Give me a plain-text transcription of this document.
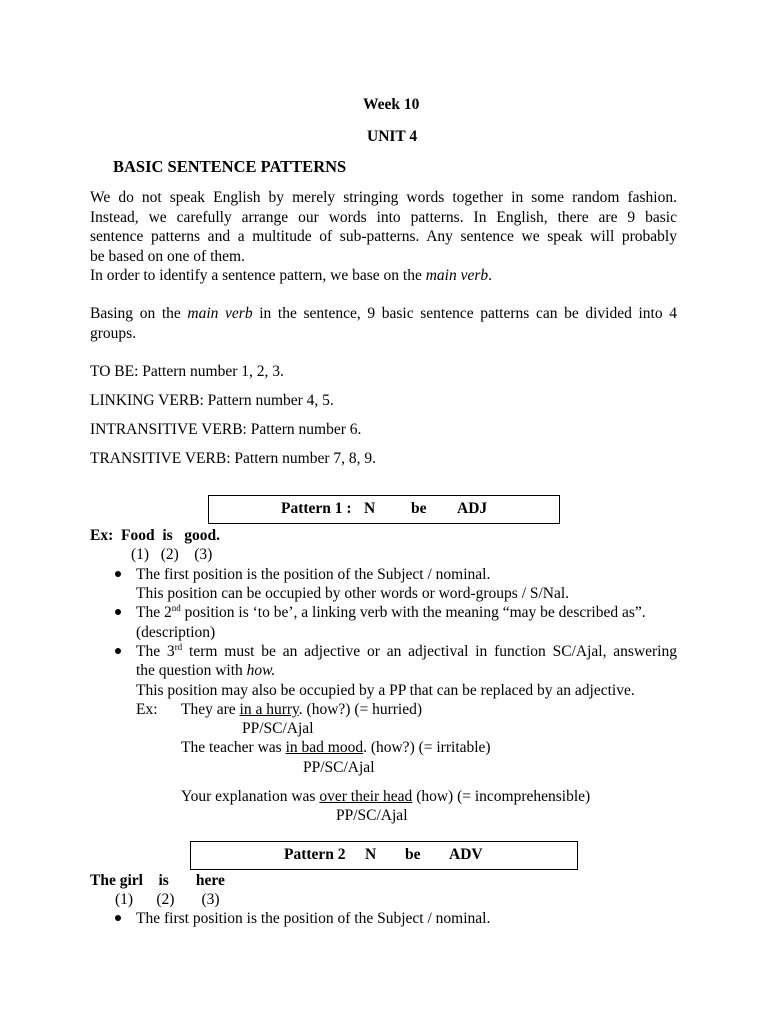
Week 10
UNIT 4
BASIC SENTENCE PATTERNS
We do not speak English by merely stringing words together in some random fashion.
Instead, we carefully arrange our words into patterns. In English, there are 9 basic
sentence patterns and a multitude of sub-patterns. Any sentence we speak will probably
be based on one of them.
In order to identify a sentence pattern, we base on the main verb.
Basing on the main verb in the sentence, 9 basic sentence patterns can be divided into 4
groups.
TO BE: Pattern number 1, 2, 3.
LINKING VERB: Pattern number 4, 5.
INTRANSITIVE VERB: Pattern number 6.
TRANSITIVE VERB: Pattern number 7, 8, 9.
Pattern 1 : N be ADJ
Ex:  Food  is   good.
(1)   (2)    (3)
The first position is the position of the Subject / nominal.
This position can be occupied by other words or word-groups / S/Nal.
The 2nd position is ‘to be’, a linking verb with the meaning “may be described as”.
(description)
The 3rd term must be an adjective or an adjectival in function SC/Ajal, answering
the question with how.
This position may also be occupied by a PP that can be replaced by an adjective.
Ex: They are in a hurry. (how?) (= hurried)
PP/SC/Ajal
The teacher was in bad mood. (how?) (= irritable)
PP/SC/Ajal
Your explanation was over their head (how) (= incomprehensible)
PP/SC/Ajal
Pattern 2 N be ADV
The girl    is       here
(1)      (2)       (3)
The first position is the position of the Subject / nominal.
